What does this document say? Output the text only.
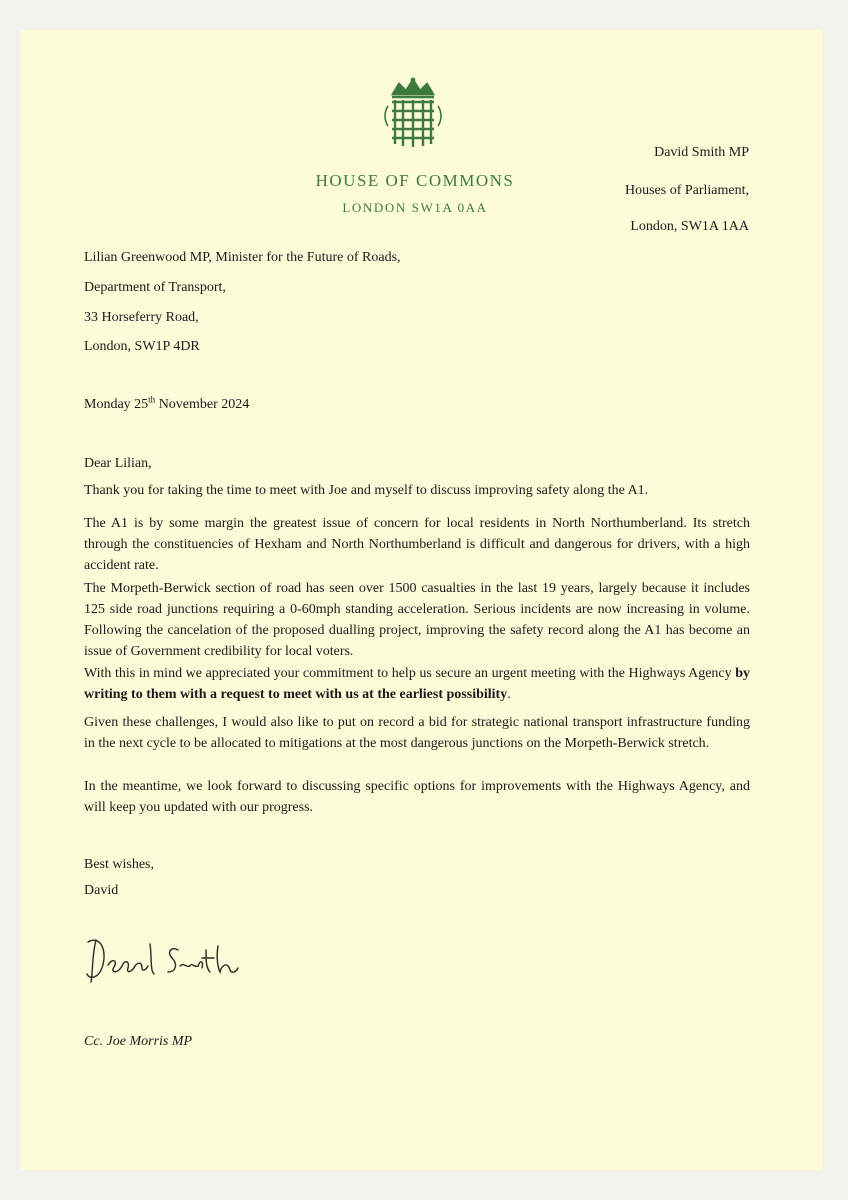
HOUSE OF COMMONS
LONDON SW1A 0AA
David Smith MP
Houses of Parliament,
London, SW1A 1AA
Lilian Greenwood MP, Minister for the Future of Roads,
Department of Transport,
33 Horseferry Road,
London, SW1P 4DR
Monday 25th November 2024
Dear Lilian,

Thank you for taking the time to meet with Joe and myself to discuss improving safety along the A1.

The A1 is by some margin the greatest issue of concern for local residents in North Northumberland. Its stretch through the constituencies of Hexham and North Northumberland is difficult and dangerous for drivers, with a high accident rate.

The Morpeth-Berwick section of road has seen over 1500 casualties in the last 19 years, largely because it includes 125 side road junctions requiring a 0-60mph standing acceleration. Serious incidents are now increasing in volume. Following the cancelation of the proposed dualling project, improving the safety record along the A1 has become an issue of Government credibility for local voters.

With this in mind we appreciated your commitment to help us secure an urgent meeting with the Highways Agency by writing to them with a request to meet with us at the earliest possibility.

Given these challenges, I would also like to put on record a bid for strategic national transport infrastructure funding in the next cycle to be allocated to mitigations at the most dangerous junctions on the Morpeth-Berwick stretch.

In the meantime, we look forward to discussing specific options for improvements with the Highways Agency, and will keep you updated with our progress.

Best wishes,
David
Cc. Joe Morris MP
